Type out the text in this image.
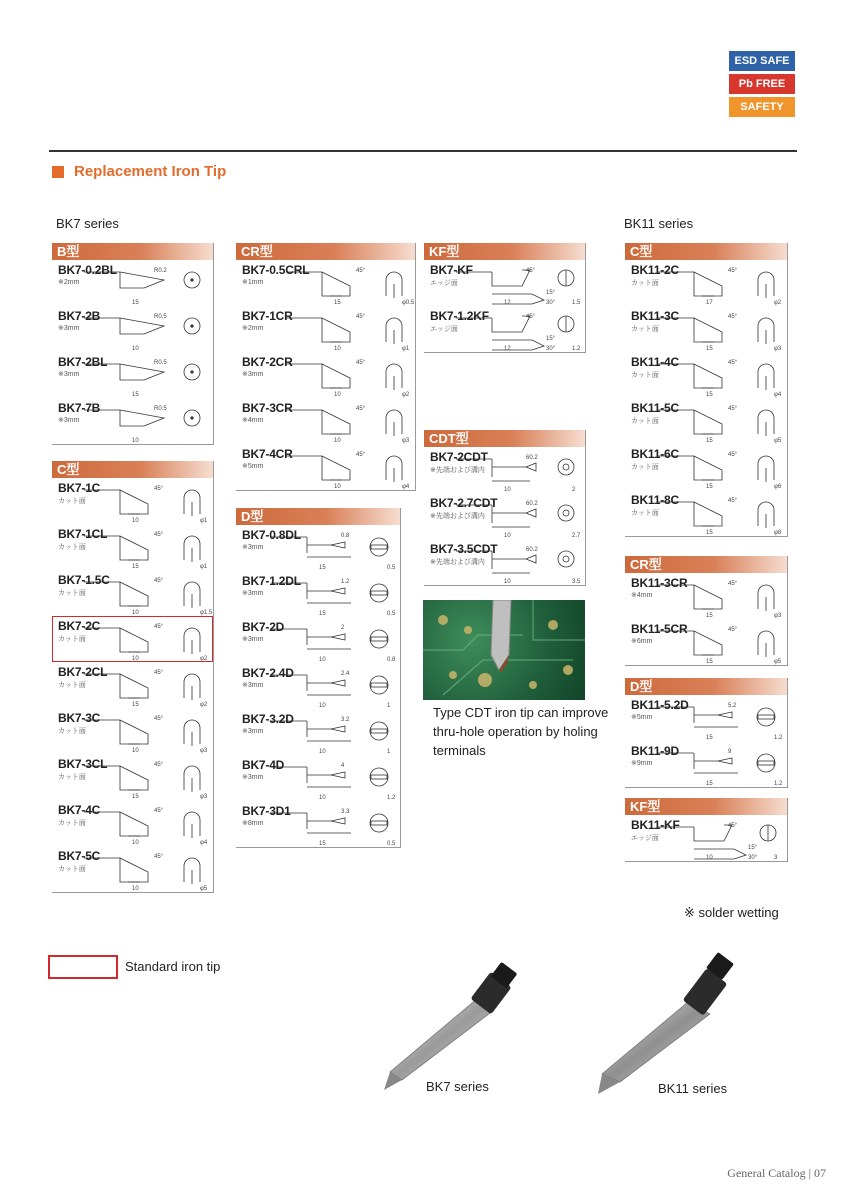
ESD SAFE
Pb FREE
SAFETY
Replacement Iron Tip
BK7 series	BK11 series
B型
15
R0.2
BK7-0.2BL
※2mm
10
R0.5
BK7-2B
※3mm
15
R0.5
BK7-2BL
※3mm
10
R0.5
BK7-7B
※3mm
C型
10
45°
φ1
BK7-1C
カット面
15
45°
φ1
BK7-1CL
カット面
10
45°
φ1.5
BK7-1.5C
カット面
10
45°
φ2
BK7-2C
カット面
15
45°
φ2
BK7-2CL
カット面
10
45°
φ3
BK7-3C
カット面
15
45°
φ3
BK7-3CL
カット面
10
45°
φ4
BK7-4C
カット面
10
45°
φ5
BK7-5C
カット面
CR型
15
45°
φ0.5
BK7-0.5CRL
※1mm
10
45°
φ1
BK7-1CR
※2mm
10
45°
φ2
BK7-2CR
※3mm
10
45°
φ3
BK7-3CR
※4mm
10
45°
φ4
BK7-4CR
※5mm
D型
15
0.8
0.5
BK7-0.8DL
※3mm
15
1.2
0.5
BK7-1.2DL
※3mm
10
2
0.8
BK7-2D
※3mm
10
2.4
1
BK7-2.4D
※3mm
10
3.2
1
BK7-3.2D
※3mm
10
4
1.2
BK7-4D
※3mm
15
3.3
0.5
BK7-3D1
※8mm
KF型
12
45°
1.5
15°
30°
BK7-KF
エッジ面
12
45°
1.2
15°
30°
BK7-1.2KF
エッジ面
CDT型
10
60.2
2
BK7-2CDT
※先端および溝内
10
60.2
2.7
BK7-2.7CDT
※先端および溝内
10
60.2
3.5
BK7-3.5CDT
※先端および溝内
C型
17
45°
φ2
BK11-2C
カット面
15
45°
φ3
BK11-3C
カット面
15
45°
φ4
BK11-4C
カット面
15
45°
φ5
BK11-5C
カット面
15
45°
φ6
BK11-6C
カット面
15
45°
φ8
BK11-8C
カット面
CR型
15
45°
φ3
BK11-3CR
※4mm
15
45°
φ5
BK11-5CR
※6mm
D型
15
5.2
1.2
BK11-5.2D
※5mm
15
9
1.2
BK11-9D
※9mm
KF型
10
45°
3
15°
30°
BK11-KF
エッジ面
Type CDT iron tip can improve thru-hole operation by holing terminals
※ solder wetting
Standard iron tip
BK7 series	BK11 series
General Catalog | 07
